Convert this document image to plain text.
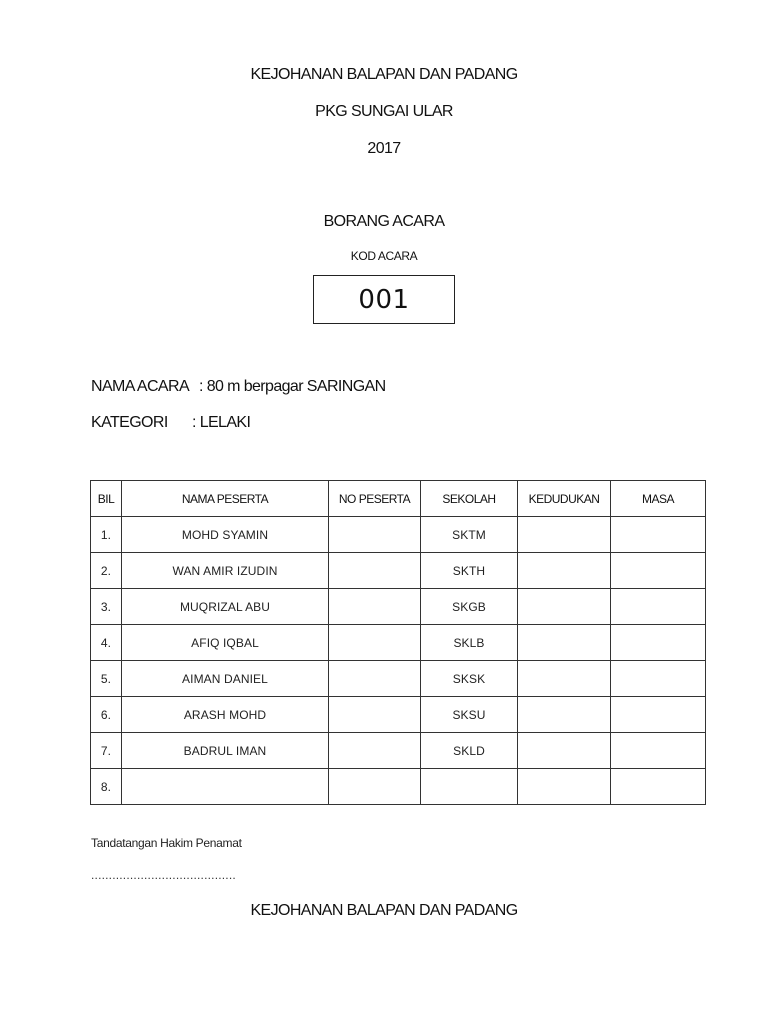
KEJOHANAN BALAPAN DAN PADANG
PKG SUNGAI ULAR
2017
BORANG ACARA
KOD ACARA
001
NAMA ACARA : 80 m berpagar SARINGAN
KATEGORI	: LELAKI
BIL	NAMA PESERTA	NO PESERTA	SEKOLAH	KEDUDUKAN	MASA
1.	MOHD SYAMIN		SKTM		
2.	WAN AMIR IZUDIN		SKTH		
3.	MUQRIZAL ABU		SKGB		
4.	AFIQ IQBAL		SKLB		
5.	AIMAN DANIEL		SKSK		
6.	ARASH MOHD		SKSU		
7.	BADRUL IMAN		SKLD		
8.					
Tandatangan Hakim Penamat
.........................................
KEJOHANAN BALAPAN DAN PADANG
